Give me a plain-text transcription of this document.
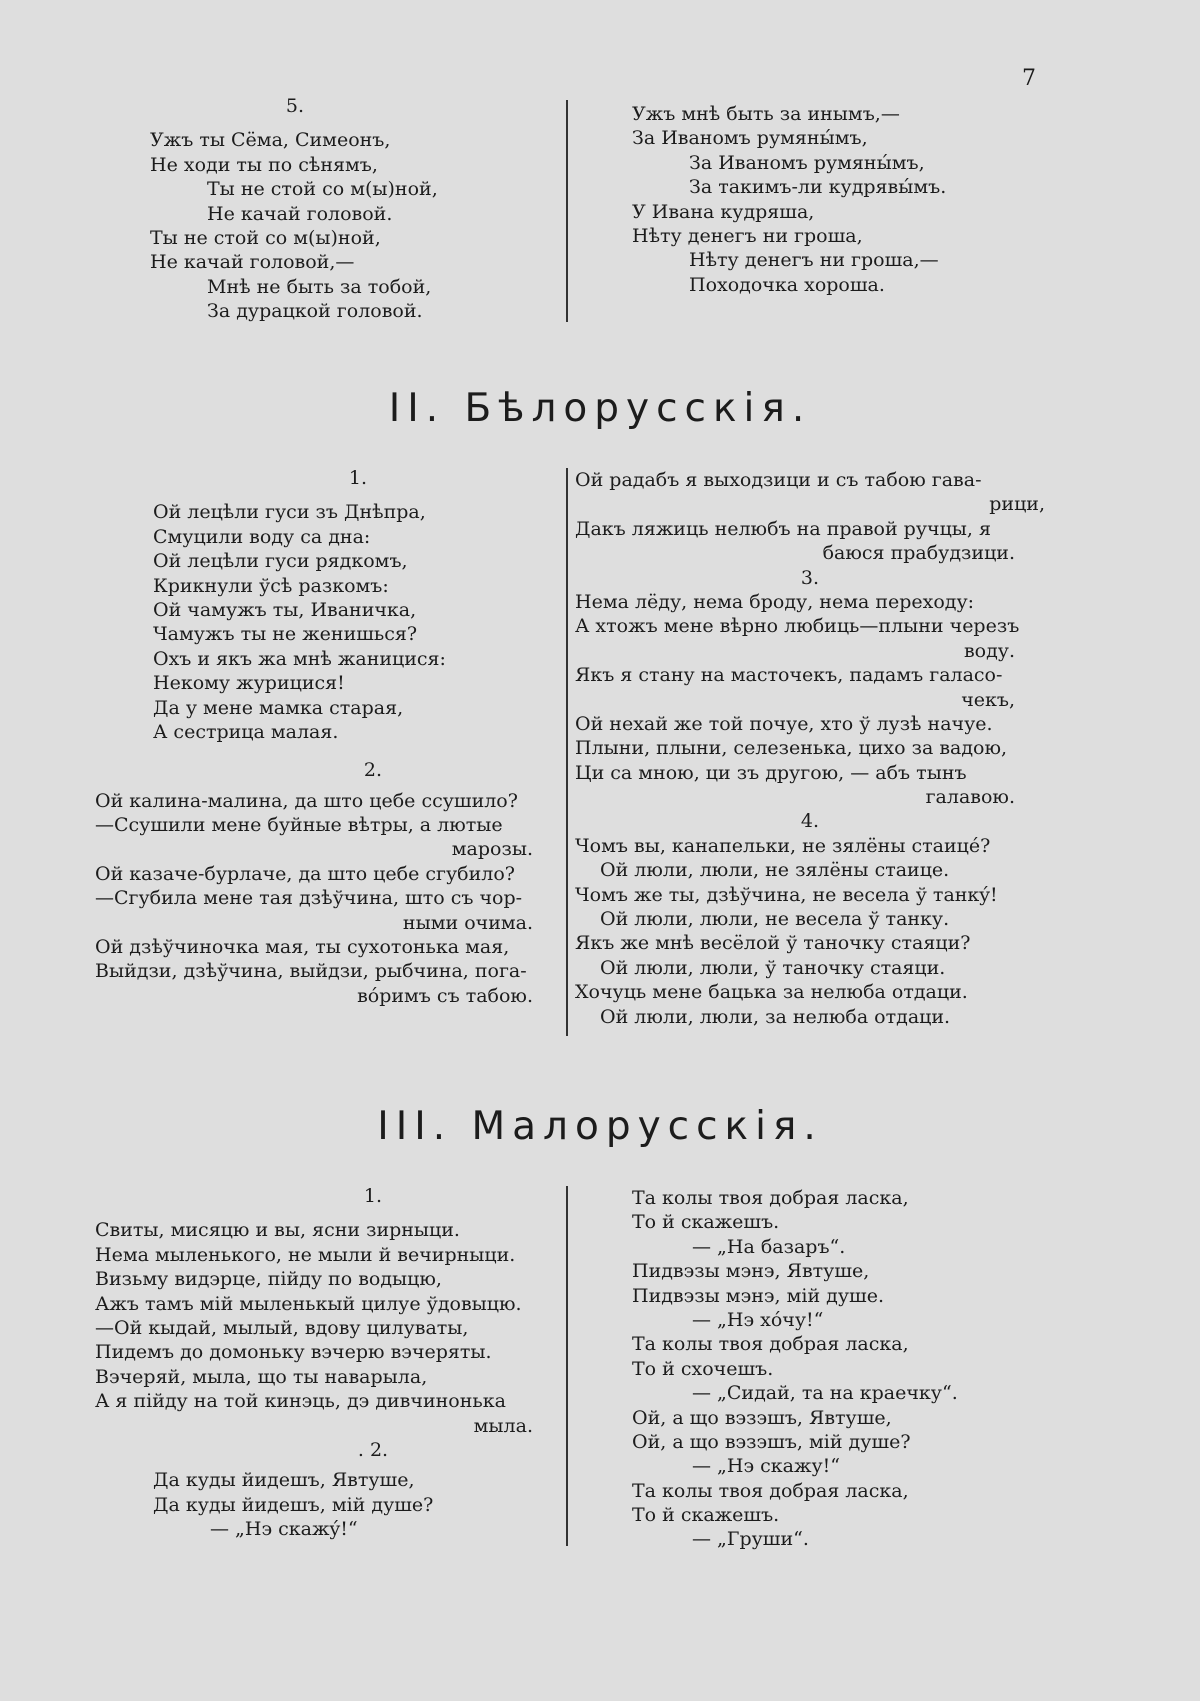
7
5.
Ужъ ты Сёма, Симеонъ,
Не ходи ты по сѣнямъ,
Ты не стой со м(ы)ной,
Не качай головой.
Ты не стой со м(ы)ной,
Не качай головой,—
Мнѣ не быть за тобой,
За дурацкой головой.
Ужъ мнѣ быть за инымъ,—
За Иваномъ румяны́мъ,
За Иваномъ румяны́мъ,
За такимъ-ли кудрявы́мъ.
У Ивана кудряша,
Нѣту денегъ ни гроша,
Нѣту денегъ ни гроша,—
Походочка хороша.
II. Бѣлорусскiя.
1.
Ой лецѣли гуси зъ Днѣпра,
Смуцили воду са дна:
Ой лецѣли гуси рядкомъ,
Крикнули ўсѣ разкомъ:
Ой чамужъ ты, Иваничка,
Чамужъ ты не женишься?
Охъ и якъ жа мнѣ жаницися:
Некому журицися!
Да у мене мамка старая,
А сестрица малая.
2.
Ой калина-малина, да што цебе ссушило?
—Ссушили мене буйные вѣтры, а лютые
марозы.
Ой казаче-бурлаче, да што цебе сгубило?
—Сгубила мене тая дзѣўчина, што съ чор-
ными очима.
Ой дзѣўчиночка мая, ты сухотонька мая,
Выйдзи, дзѣўчина, выйдзи, рыбчина, пога-
вóримъ съ табою.
Ой радабъ я выходзици и съ табою гава-
рици,
Дакъ ляжиць нелюбъ на правой ручцы, я
баюся прабудзици.
3.
Нема лёду, нема броду, нема переходу:
А хтожъ мене вѣрно любиць—плыни черезъ
воду.
Якъ я стану на масточекъ, падамъ галасо-
чекъ,
Ой нехай же той почуе, хто ў лузѣ начуе.
Плыни, плыни, селезенька, цихо за вадою,
Ци са мною, ци зъ другою, — абъ тынъ
галавою.
4.
Чомъ вы, канапельки, не зялёны стаицé?
Ой люли, люли, не зялёны стаице.
Чомъ же ты, дзѣўчина, не весела ў танкý!
Ой люли, люли, не весела ў танку.
Якъ же мнѣ весёлой ў таночку стаяци?
Ой люли, люли, ў таночку стаяци.
Хочуць мене бацька за нелюба отдаци.
Ой люли, люли, за нелюба отдаци.
III. Малорусскiя.
1.
Свиты, мисяцю и вы, ясни зирныци.
Нема мыленького, не мыли й вечирныци.
Визьму видэрце, пійду по водыцю,
Ажъ тамъ мій мыленькый цилуе ўдовыцю.
—Ой кыдай, мылый, вдову цилуваты,
Пидемъ до домоньку вэчерю вэчеряты.
Вэчеряй, мыла, що ты наварыла,
А я пійду на той кинэць, дэ дивчинонька
мыла.
. 2.
Да куды йидешъ, Явтуше,
Да куды йидешъ, мій душе?
— „Нэ скажý!“
Та колы твоя добрая ласка,
То й скажешъ.
— „На базаръ“.
Пидвэзы мэнэ, Явтуше,
Пидвэзы мэнэ, мій душе.
— „Нэ хóчу!“
Та колы твоя добрая ласка,
То й схочешъ.
— „Сидай, та на краечку“.
Ой, а що вэзэшъ, Явтуше,
Ой, а що вэзэшъ, мій душе?
— „Нэ скажу!“
Та колы твоя добрая ласка,
То й скажешъ.
— „Груши“.
